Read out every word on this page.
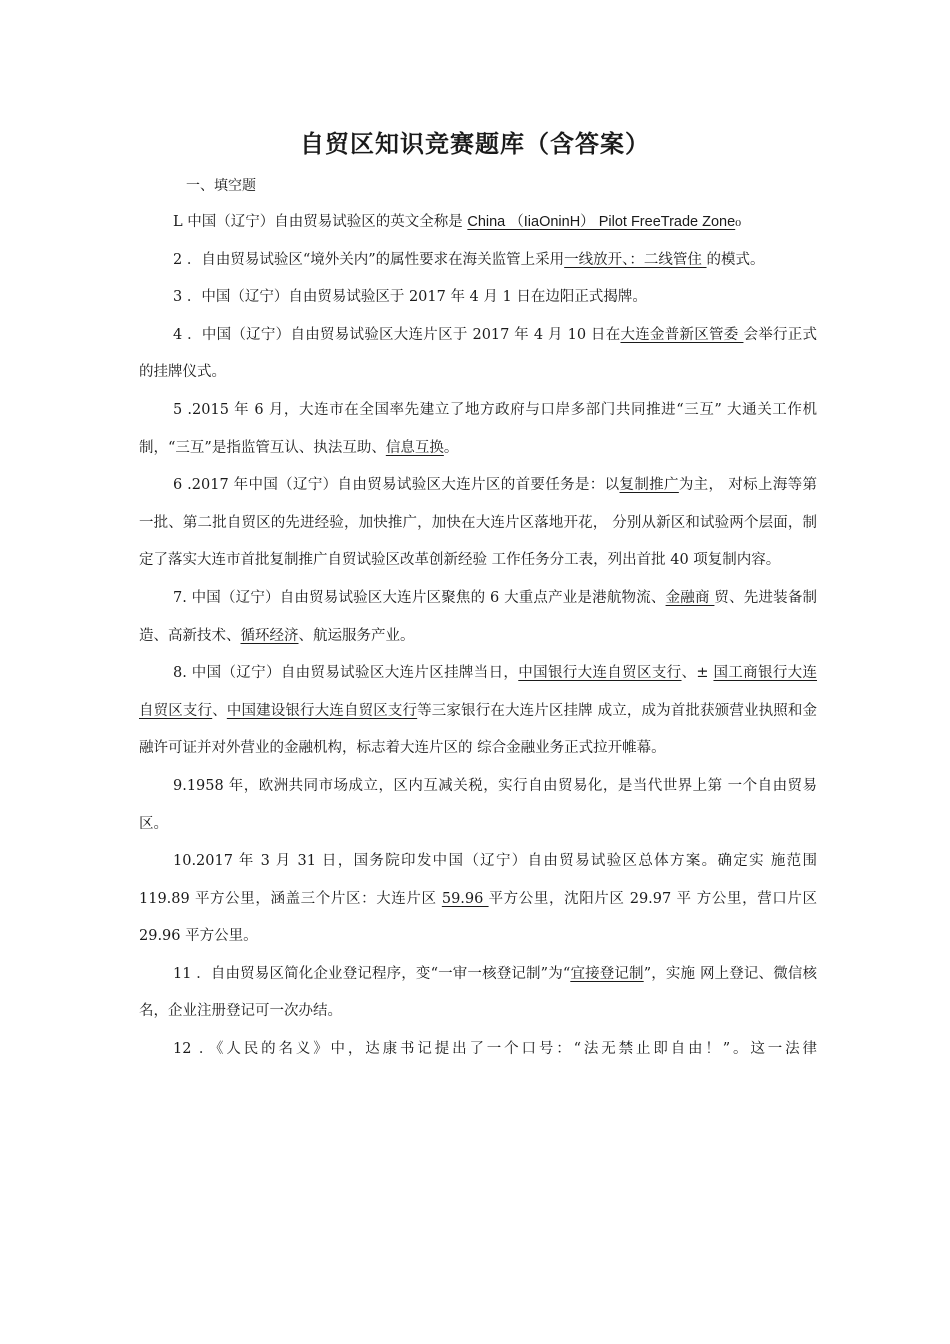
自贸区知识竞赛题库（含答案）
一、填空题

L 中国（辽宁）自由贸易试验区的英文全称是 China （IiaOninH） Pilot FreeTrade Zone₀

2 ．自由贸易试验区“境外关内”的属性要求在海关监管上采用一线放开、：二线管住 的模式。

3 ．中国（辽宁）自由贸易试验区于 2017 年 4 月 1 日在边阳正式揭牌。

4 ．中国（辽宁）自由贸易试验区大连片区于 2017 年 4 月 10 日在大连金普新区管委 会举行正式的挂牌仪式。

5 .2015 年 6 月，大连市在全国率先建立了地方政府与口岸多部门共同推进“三互” 大通关工作机制，“三互”是指监管互认、执法互助、信息互换。

6 .2017 年中国（辽宁）自由贸易试验区大连片区的首要任务是：以复制推广为主， 对标上海等第一批、第二批自贸区的先进经验，加快推广，加快在大连片区落地开花， 分别从新区和试验两个层面，制定了落实大连市首批复制推广自贸试验区改革创新经验 工作任务分工表，列出首批 40 项复制内容。

7. 中国（辽宁）自由贸易试验区大连片区聚焦的 6 大重点产业是港航物流、金融商 贸、先进装备制造、高新技术、循环经济、航运服务产业。

8. 中国（辽宁）自由贸易试验区大连片区挂牌当日，中国银行大连自贸区支行、± 国工商银行大连自贸区支行、中国建设银行大连自贸区支行等三家银行在大连片区挂牌 成立，成为首批获颁营业执照和金融许可证并对外营业的金融机构，标志着大连片区的 综合金融业务正式拉开帷幕。

9.1958 年，欧洲共同市场成立，区内互减关税，实行自由贸易化，是当代世界上第 一个自由贸易区。

10.2017 年 3 月 31 日，国务院印发中国（辽宁）自由贸易试验区总体方案。确定实 施范围 119.89 平方公里，涵盖三个片区：大连片区 59.96 平方公里，沈阳片区 29.97 平 方公里，营口片区 29.96 平方公里。

11 ．自由贸易区简化企业登记程序，变“一审一核登记制”为“宜接登记制”，实施 网上登记、微信核名，企业注册登记可一次办结。

12 ．《人民的名义》中，达康书记提出了一个口号：“法无禁止即自由！”。这一法律
